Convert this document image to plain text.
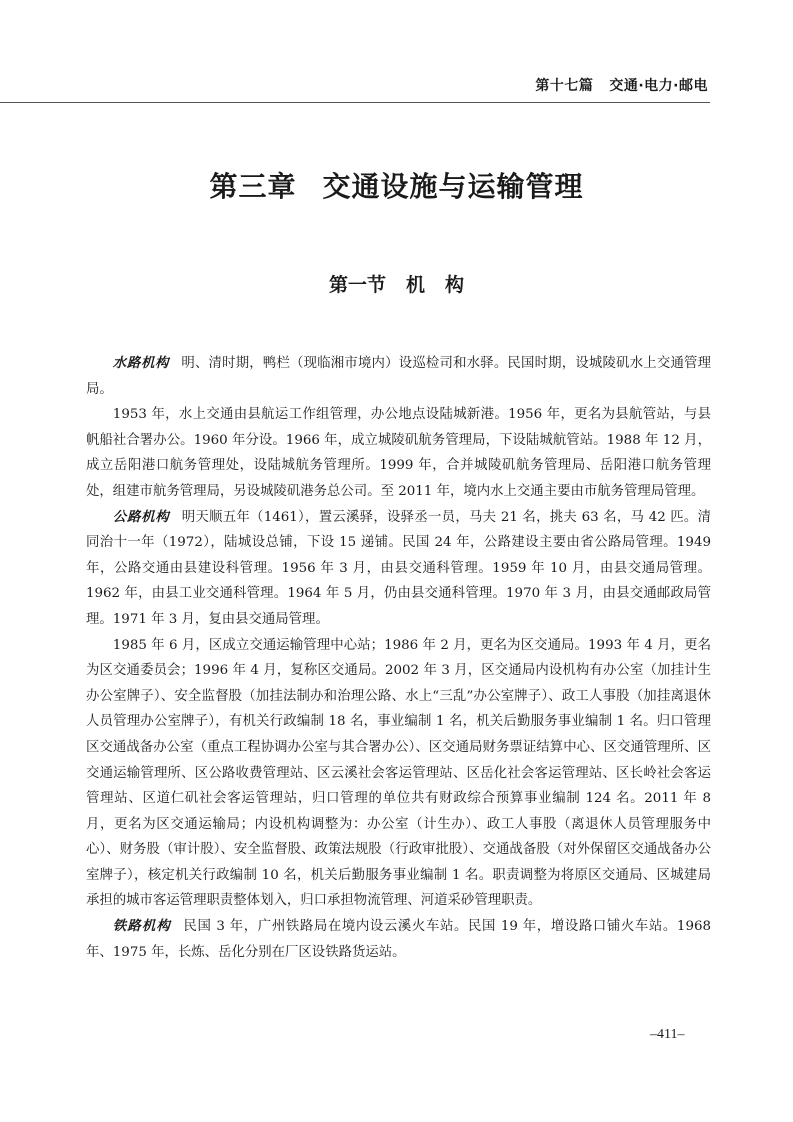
第十七篇 交通·电力·邮电
第三章 交通设施与运输管理
第一节 机 构

水路机构 明、清时期，鸭栏（现临湘市境内）设巡检司和水驿。民国时期，设城陵矶水上交通管理局。

1953 年，水上交通由县航运工作组管理，办公地点设陆城新港。1956 年，更名为县航管站，与县帆船社合署办公。1960 年分设。1966 年，成立城陵矶航务管理局，下设陆城航管站。1988 年 12 月，成立岳阳港口航务管理处，设陆城航务管理所。1999 年，合并城陵矶航务管理局、岳阳港口航务管理处，组建市航务管理局，另设城陵矶港务总公司。至 2011 年，境内水上交通主要由市航务管理局管理。

公路机构 明天顺五年（1461），置云溪驿，设驿丞一员，马夫 21 名，挑夫 63 名，马 42 匹。清同治十一年（1972），陆城设总铺，下设 15 递铺。民国 24 年，公路建设主要由省公路局管理。1949 年，公路交通由县建设科管理。1956 年 3 月，由县交通科管理。1959 年 10 月，由县交通局管理。1962 年，由县工业交通科管理。1964 年 5 月，仍由县交通科管理。1970 年 3 月，由县交通邮政局管理。1971 年 3 月，复由县交通局管理。

1985 年 6 月，区成立交通运输管理中心站；1986 年 2 月，更名为区交通局。1993 年 4 月，更名为区交通委员会；1996 年 4 月，复称区交通局。2002 年 3 月，区交通局内设机构有办公室（加挂计生办公室牌子）、安全监督股（加挂法制办和治理公路、水上“三乱”办公室牌子）、政工人事股（加挂离退休人员管理办公室牌子），有机关行政编制 18 名，事业编制 1 名，机关后勤服务事业编制 1 名。归口管理区交通战备办公室（重点工程协调办公室与其合署办公）、区交通局财务票证结算中心、区交通管理所、区交通运输管理所、区公路收费管理站、区云溪社会客运管理站、区岳化社会客运管理站、区长岭社会客运管理站、区道仁矶社会客运管理站，归口管理的单位共有财政综合预算事业编制 124 名。2011 年 8 月，更名为区交通运输局；内设机构调整为：办公室（计生办）、政工人事股（离退休人员管理服务中心）、财务股（审计股）、安全监督股、政策法规股（行政审批股）、交通战备股（对外保留区交通战备办公室牌子），核定机关行政编制 10 名，机关后勤服务事业编制 1 名。职责调整为将原区交通局、区城建局承担的城市客运管理职责整体划入，归口承担物流管理、河道采砂管理职责。

铁路机构 民国 3 年，广州铁路局在境内设云溪火车站。民国 19 年，增设路口铺火车站。1968 年、1975 年，长炼、岳化分别在厂区设铁路货运站。

–411–
